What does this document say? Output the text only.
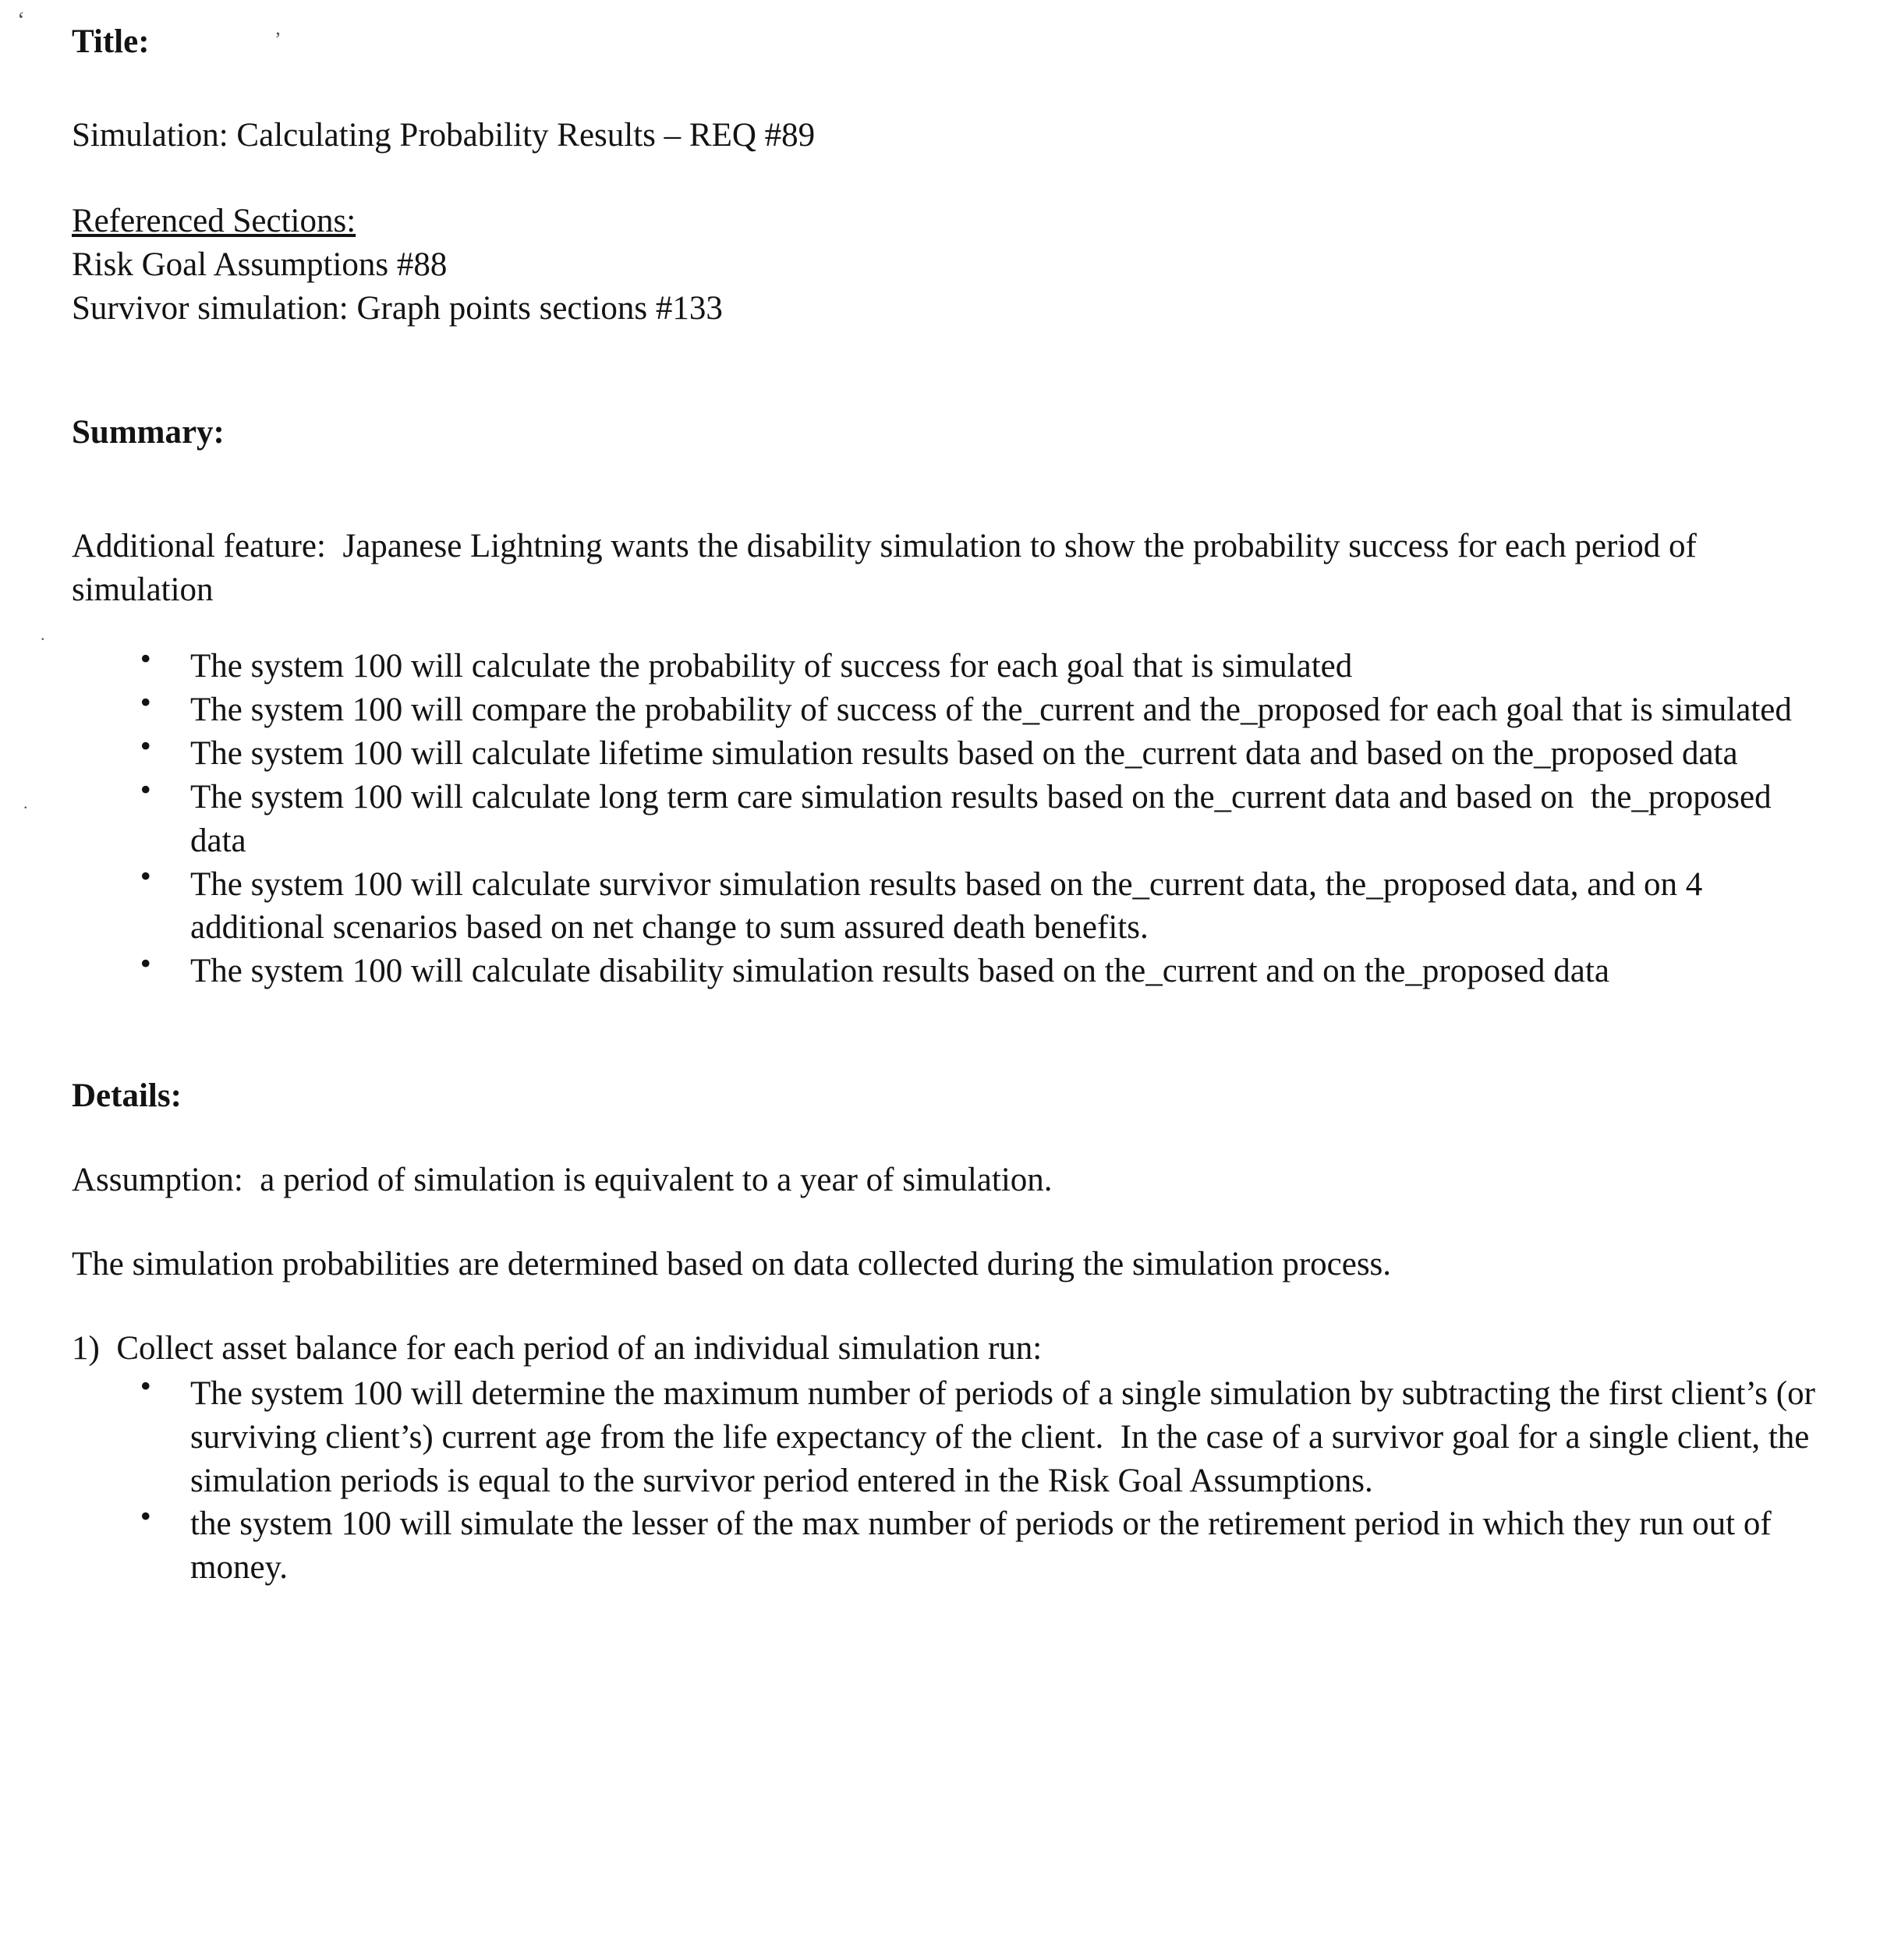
‘
’
.
.

Title:

Simulation: Calculating Probability Results – REQ #89

Referenced Sections:

Risk Goal Assumptions #88

Survivor simulation: Graph points sections #133

Summary:

Additional feature:  Japanese Lightning wants the disability simulation to show the probability success for each period of simulation

● The system 100 will calculate the probability of success for each goal that is simulated
● The system 100 will compare the probability of success of the_current and the_proposed for each goal that is simulated
● The system 100 will calculate lifetime simulation results based on the_current data and based on the_proposed data
● The system 100 will calculate long term care simulation results based on the_current data and based on  the_proposed data
● The system 100 will calculate survivor simulation results based on the_current data, the_proposed data, and on 4 additional scenarios based on net change to sum assured death benefits.
● The system 100 will calculate disability simulation results based on the_current and on the_proposed data

Details:

Assumption:  a period of simulation is equivalent to a year of simulation.

The simulation probabilities are determined based on data collected during the simulation process.

1)  Collect asset balance for each period of an individual simulation run:

● The system 100 will determine the maximum number of periods of a single simulation by subtracting the first client’s (or surviving client’s) current age from the life expectancy of the client.  In the case of a survivor goal for a single client, the simulation periods is equal to the survivor period entered in the Risk Goal Assumptions.
● the system 100 will simulate the lesser of the max number of periods or the retirement period in which they run out of money.
